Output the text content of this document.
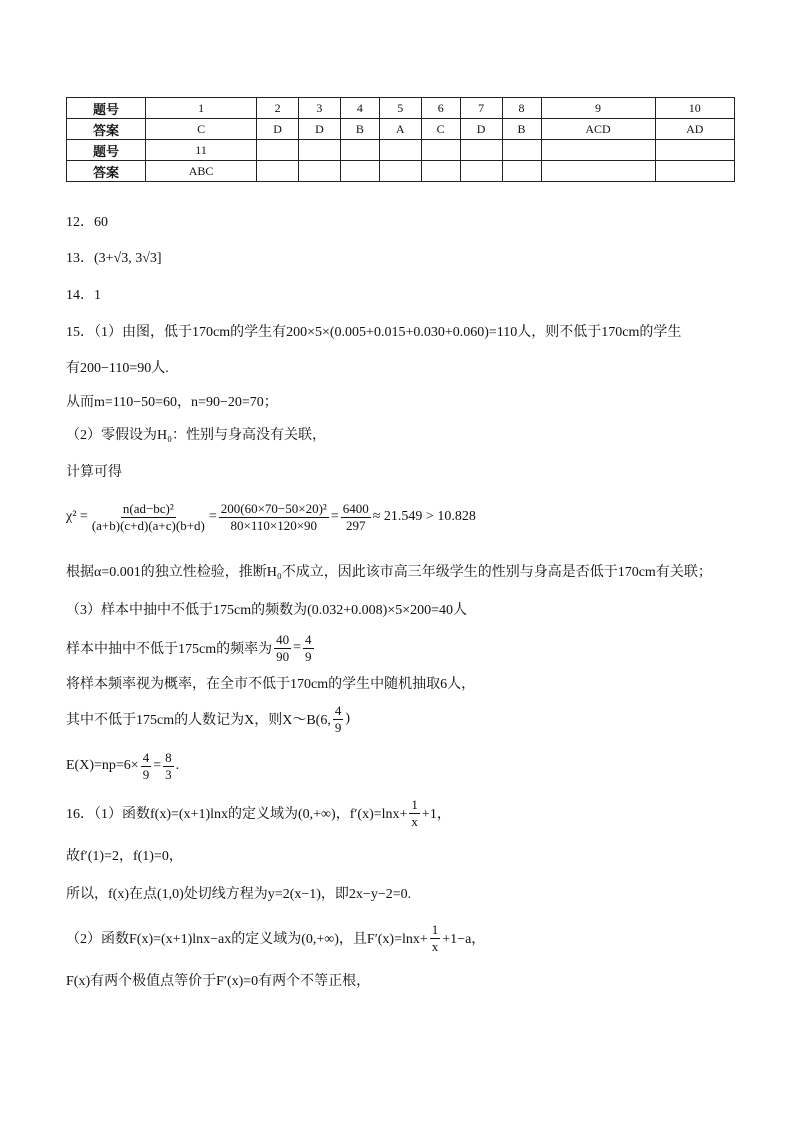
题号	1	2	3	4	5	6	7	8	9	10
答案	C	D	D	B	A	C	D	B	ACD	AD
题号	11									
答案	ABC									
12．60
13．(3+√3, 3√3]
14．1
15．（1）由图，低于170cm的学生有200×5×(0.005+0.015+0.030+0.060)=110人，则不低于170cm的学生
有200−110=90人.
从而m=110−50=60，n=90−20=70；
（2）零假设为H₀：性别与身高没有关联，
计算可得
$\chi^2 = \frac{\text{n(ad−bc)²}}{(a+b)(c+d)(a+c)(b+d)} = \frac{\text{200(60×70−50×20)²}}{80\times 110\times 120\times 90} = \frac{6400}{297} \approx 21.549 > 10.828$
根据α=0.001的独立性检验，推断H₀不成立，因此该市高三年级学生的性别与身高是否低于170cm有关联；
（3）样本中抽中不低于175cm的频数为(0.032+0.008)×5×200=40人
样本中抽中不低于175cm的频率为 $\frac{40}{90} = \frac{4}{9}$
将样本频率视为概率，在全市不低于170cm的学生中随机抽取6人，
其中不低于175cm的人数记为X，则X～B(6, $\frac{4}{9}$ )
$E(X)=np=6\times \frac{4}{9} = \frac{8}{3}$ .
16．（1）函数f(x)=(x+1)lnx的定义域为(0,+∞)，$f'(x)=\ln x+ \frac{1}{x} +1$，
故f′(1)=2，f(1)=0，
所以，f(x)在点(1,0)处切线方程为y=2(x−1)，即2x−y−2=0.
（2）函数F(x)=(x+1)lnx−ax的定义域为(0,+∞)，且$F'(x)=\ln x+ \frac{1}{x} +1-a$，
F(x)有两个极值点等价于F′(x)=0有两个不等正根，
